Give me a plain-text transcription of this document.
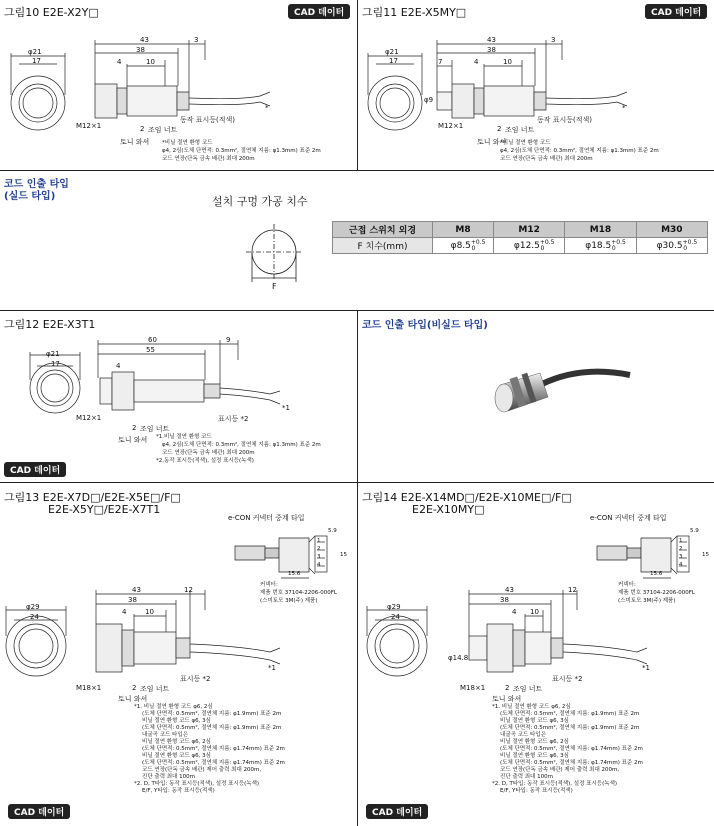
그림10 E2E-X2Y□	CAD 데이터
φ21
17
43
38
3
4	10
M12×1	2 조임 너트
토니 와셔
동작 표시등(적색)
*
*비닐 절연 환형 코드
φ4, 2심(도체 단면적: 0.3mm², 절연체 지름: φ1.3mm) 표준 2m
코드 연장(단독 금속 배관) 최대 200m
그림11 E2E-X5MY□	CAD 데이터
φ21
17
43
38
3
7	4	10
φ9
M12×1	2 조임 너트
토니 와셔
동작 표시등(적색)
*
*비닐 절연 환형 코드
φ4, 2심(도체 단면적: 0.3mm², 절연체 지름: φ1.3mm) 표준 2m
코드 연장(단독 금속 배관) 최대 200m
코드 인출 타입
(실드 타입)	설치 구멍 가공 치수
F
근접 스위치 외경	M8	M12	M18	M30
F 치수(mm)	$\varphi 8.5^{+0.5}_0$	$\varphi 12.5^{+0.5}_0$	$\varphi 18.5^{+0.5}_0$	$\varphi 30.5^{+0.5}_0$
그림12 E2E-X3T1
φ21
17
60
55
9
4
M12×1	표시등 *2
*1
2 조임 너트
토니 와셔 *1.비닐 절연 환형 코드
φ4, 2심(도체 단면적: 0.3mm², 절연체 지름: φ1.3mm) 표준 2m
코드 연장(단독 금속 배관) 최대 200m
*2.동작 표시등(적색), 설정 표시등(녹색)
CAD 데이터
코드 인출 타입(비실드 타입)
그림13 E2E-X7D□/E2E-X5E□/F□
E2E-X5Y□/E2E-X7T1
e-CON 커넥터 중계 타입
5.9
15
1
2
3
4
15.6
커넥터:
제품 번호 37104-2206-000FL
(스미토모 3M(주) 제품)
φ29
24
43
38
12
4	10
M18×1	2 조임 너트
토니 와셔
표시등 *2
*1
*1. 비닐 절연 환형 코드 φ6, 2심
(도체 단면적: 0.5mm², 절연체 지름: φ1.9mm) 표준 2m
비닐 절연 환형 코드 φ6, 3심
(도체 단면적: 0.5mm², 절연체 지름: φ1.9mm) 표준 2m
내굴곡 코드 타입은
비닐 절연 환형 코드 φ6, 2심
(도체 단면적: 0.5mm², 절연체 지름: φ1.74mm) 표준 2m
비닐 절연 환형 코드 φ6, 3심
(도체 단면적: 0.5mm², 절연체 지름: φ1.74mm) 표준 2m
코드 연장(단독 금속 배관) 제어 출력 최대 200m,
진단 출력 최대 100m
*2. D, T타입: 동작 표시등(적색), 설정 표시등(녹색)
E/F, Y타입: 동작 표시등(적색)
CAD 데이터
그림14 E2E-X14MD□/E2E-X10ME□/F□
E2E-X10MY□
e-CON 커넥터 중계 타입
5.9
15
1
2
3
4
15.6
커넥터:
제품 번호 37104-2206-000FL
(스미토모 3M(주) 제품)
φ29
24
φ14.8
43
38
12
4 10
M18×1	2 조임 너트
토니 와셔
표시등 *2
*1
*1. 비닐 절연 환형 코드 φ6, 2심
(도체 단면적: 0.5mm², 절연체 지름: φ1.9mm) 표준 2m
비닐 절연 환형 코드 φ6, 3심
(도체 단면적: 0.5mm², 절연체 지름: φ1.9mm) 표준 2m
내굴곡 코드 타입은
비닐 절연 환형 코드 φ6, 2심
(도체 단면적: 0.5mm², 절연체 지름: φ1.74mm) 표준 2m
비닐 절연 환형 코드 φ6, 3심
(도체 단면적: 0.5mm², 절연체 지름: φ1.74mm) 표준 2m
코드 연장(단독 금속 배관) 제어 출력 최대 200m,
진단 출력 최대 100m
*2. D, T타입: 동작 표시등(적색), 설정 표시등(녹색)
E/F, Y타입: 동작 표시등(적색)
CAD 데이터
